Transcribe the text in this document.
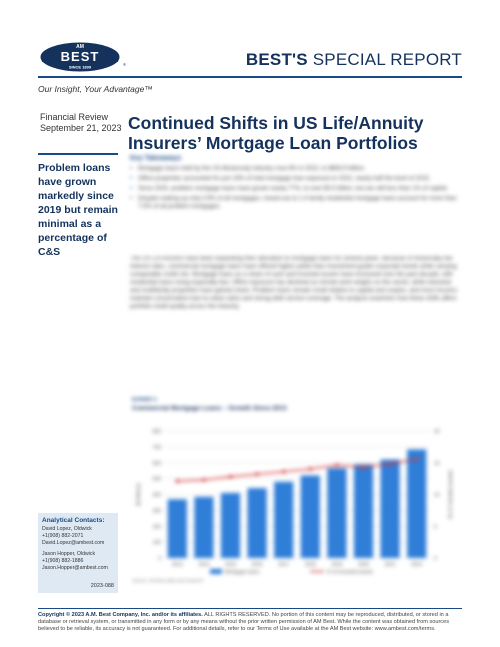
AM
BEST
SINCE 1899	®	BEST'S SPECIAL REPORT
Our Insight, Your Advantage™
Financial Review
September 21, 2023
Problem loans have grown markedly since 2019 but remain minimal as a percentage of C&S
Analytical Contacts:
David Lopez, Oldwick
+1(908) 882-2071
David.Lopez@ambest.com
Jason Hopper, Oldwick
+1(908) 882-1886
Jason.Hopper@ambest.com
2023-088
Continued Shifts in US Life/Annuity
Insurers’ Mortgage Loan Portfolios
Key Takeaways
• Mortgage loans held by the US life/annuity industry rose 8% in 2022, to $683.9 billion.
• Office properties accounted for just 19% of total mortgage loan exposure in 2022, nearly half the level of 2015.
• Since 2020, problem mortgage loans have grown nearly 77%, to over $3.5 billion, but are still less than 1% of capital.
• Despite making up only 0.9% of all mortgages, mixed-use & 1-4 family residential mortgage loans account for more than 7.5% of all problem mortgages.
The US L/A insurers have been expanding their allocation to mortgage loans for several years. Because of historically low interest rates, commercial mortgage loans have offered higher yields than investment-grade corporate bonds while carrying comparable credit risk. Mortgage loans as a share of cash and invested assets have increased over the past decade, with residential loans rising especially fast. Office exposure has declined as remote work weighs on the sector, while industrial and multifamily properties have gained share. Problem loans remain small relative to capital and surplus, and most insurers maintain conservative loan-to-value ratios and strong debt service coverage. The analysis examines how these shifts affect portfolio credit quality across the industry.
Exhibit 1
Commercial Mortgage Loans – Growth Since 2013
0
100
200
300
400
500
600
700
800
0
5
10
15
20
2013	2014	2015	2016	2017	2018	2019	2020	2021	2022
($ billions)	(% of invested assets)
Mortgage loans	% of invested assets
Source: AM Best data and research
Copyright © 2023 A.M. Best Company, Inc. and/or its affiliates. ALL RIGHTS RESERVED. No portion of this content may be reproduced, distributed, or stored in a database or retrieval system, or transmitted in any form or by any means without the prior written permission of AM Best. While the content was obtained from sources believed to be reliable, its accuracy is not guaranteed. For additional details, refer to our Terms of Use available at the AM Best website: www.ambest.com/terms.
